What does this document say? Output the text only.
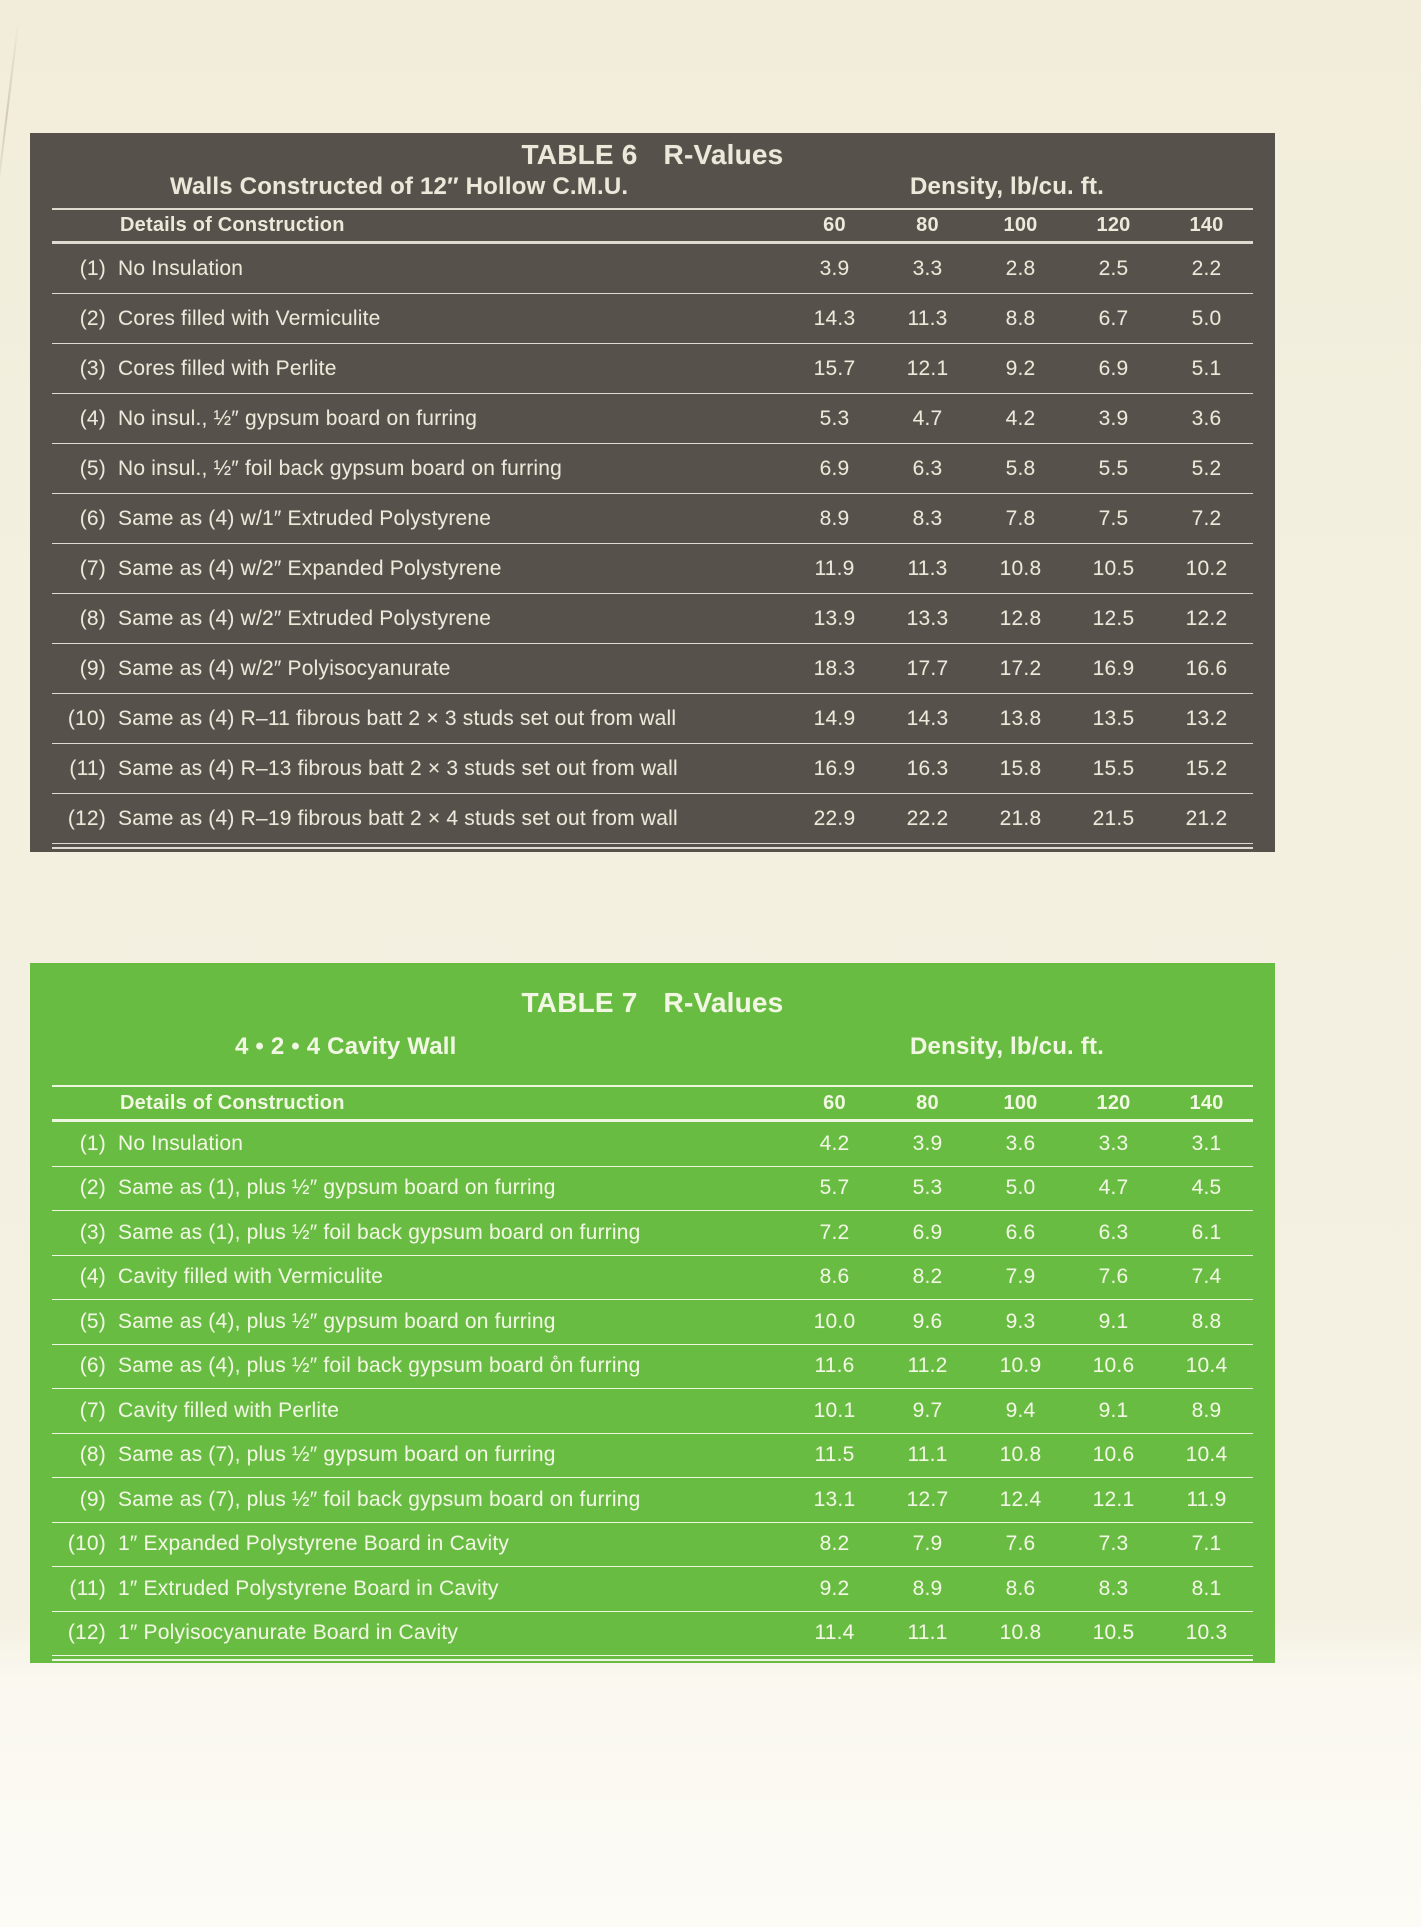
TABLE 6 R-Values
Walls Constructed of 12″ Hollow C.M.U.	Density, lb/cu. ft.
Details of Construction	60	80	100	120	140
(1) No Insulation	3.9	3.3	2.8	2.5	2.2
(2) Cores filled with Vermiculite	14.3	11.3	8.8	6.7	5.0
(3) Cores filled with Perlite	15.7	12.1	9.2	6.9	5.1
(4) No insul., ½″ gypsum board on furring	5.3	4.7	4.2	3.9	3.6
(5) No insul., ½″ foil back gypsum board on furring	6.9	6.3	5.8	5.5	5.2
(6) Same as (4) w/1″ Extruded Polystyrene	8.9	8.3	7.8	7.5	7.2
(7) Same as (4) w/2″ Expanded Polystyrene	11.9	11.3	10.8	10.5	10.2
(8) Same as (4) w/2″ Extruded Polystyrene	13.9	13.3	12.8	12.5	12.2
(9) Same as (4) w/2″ Polyisocyanurate	18.3	17.7	17.2	16.9	16.6
(10) Same as (4) R–11 fibrous batt 2 × 3 studs set out from wall	14.9	14.3	13.8	13.5	13.2
(11) Same as (4) R–13 fibrous batt 2 × 3 studs set out from wall	16.9	16.3	15.8	15.5	15.2
(12) Same as (4) R–19 fibrous batt 2 × 4 studs set out from wall	22.9	22.2	21.8	21.5	21.2
TABLE 7 R-Values
4 • 2 • 4 Cavity Wall	Density, lb/cu. ft.
Details of Construction	60	80	100	120	140
(1) No Insulation	4.2	3.9	3.6	3.3	3.1
(2) Same as (1), plus ½″ gypsum board on furring	5.7	5.3	5.0	4.7	4.5
(3) Same as (1), plus ½″ foil back gypsum board on furring	7.2	6.9	6.6	6.3	6.1
(4) Cavity filled with Vermiculite	8.6	8.2	7.9	7.6	7.4
(5) Same as (4), plus ½″ gypsum board on furring	10.0	9.6	9.3	9.1	8.8
(6) Same as (4), plus ½″ foil back gypsum board o̊n furring	11.6	11.2	10.9	10.6	10.4
(7) Cavity filled with Perlite	10.1	9.7	9.4	9.1	8.9
(8) Same as (7), plus ½″ gypsum board on furring	11.5	11.1	10.8	10.6	10.4
(9) Same as (7), plus ½″ foil back gypsum board on furring	13.1	12.7	12.4	12.1	11.9
(10) 1″ Expanded Polystyrene Board in Cavity	8.2	7.9	7.6	7.3	7.1
(11) 1″ Extruded Polystyrene Board in Cavity	9.2	8.9	8.6	8.3	8.1
(12) 1″ Polyisocyanurate Board in Cavity	11.4	11.1	10.8	10.5	10.3
